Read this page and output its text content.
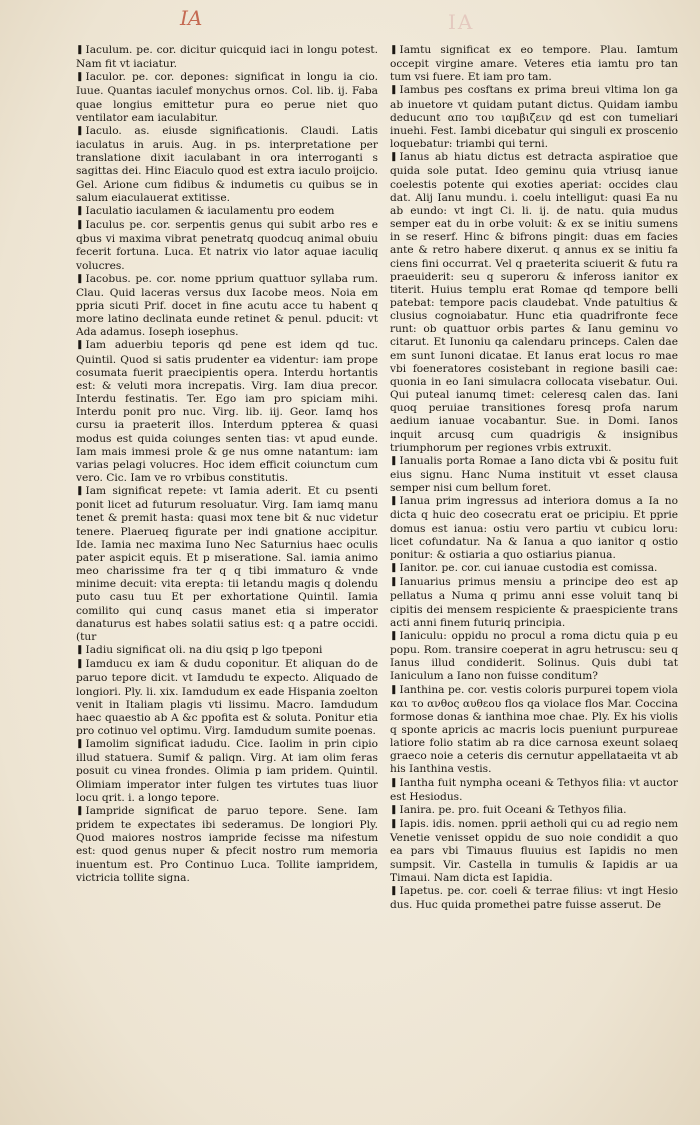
IA	IA

❚ Iaculum. pe. cor. dicitur quicquid iaci in longu potest. Nam fit vt iaciatur.

❚ Iaculor. pe. cor. depones: significat in longu ia cio. Iuue. Quantas iaculef monychus ornos. Col. lib. ij. Faba quae longius emittetur pura eo perue niet quo ventilator eam iaculabitur.

❚ Iaculo. as. eiusde significationis. Claudi. Latis iaculatus in aruis. Aug. in ps. interpretatione per translatione dixit iaculabant in ora interroganti s sagittas dei. Hinc Eiaculo quod est extra iaculo proijcio. Gel. Arione cum fidibus & indumetis cu quibus se in salum eiaculauerat extitisse.

❚ Iaculatio iaculamen & iaculamentu pro eodem

❚ Iaculus pe. cor. serpentis genus qui subit arbo res e qbus vi maxima vibrat penetratq quodcuq animal obuiu fecerit fortuna. Luca. Et natrix vio lator aquae iaculiq volucres.

❚ Iacobus. pe. cor. nome pprium quattuor syllaba rum. Clau. Quid laceras versus dux Iacobe meos. Noia em ppria sicuti Prif. docet in fine acutu acce tu habent q more latino declinata eunde retinet & penul. pducit: vt Ada adamus. Ioseph iosephus.

❚ Iam aduerbiu teporis qd pene est idem qd tuc. Quintil. Quod si satis prudenter ea videntur: iam prope cosumata fuerit praecipientis opera. Interdu hortantis est: & veluti mora increpatis. Virg. Iam diua precor. Interdu festinatis. Ter. Ego iam pro spiciam mihi. Interdu ponit pro nuc. Virg. lib. iij. Geor. Iamq hos cursu ia praeterit illos. Interdum ppterea & quasi modus est quida coiunges senten tias: vt apud eunde. Iam mais immesi prole & ge nus omne natantum: iam varias pelagi volucres. Hoc idem efficit coiunctum cum vero. Cic. Iam ve ro vrbibus constitutis.

❚ Iam significat repete: vt Iamia aderit. Et cu psenti ponit licet ad futurum resoluatur. Virg. Iam iamq manu tenet & premit hasta: quasi mox tene bit & nuc videtur tenere. Plaerueq figurate per indi gnatione accipitur. Ide. Iamia nec maxima Iuno Nec Saturnius haec oculis pater aspicit equis. Et p miseratione. Sal. iamia animo meo charissime fra ter q q tibi immaturo & vnde minime decuit: vita erepta: tii letandu magis q dolendu puto casu tuu Et per exhortatione Quintil. Iamia comilito qui cunq casus manet etia si imperator danaturus est habes solatii satius est: q a patre occidi. (tur

❚ Iadiu significat oli. na diu qsiq p lgo tpeponi

❚ Iamducu ex iam & dudu coponitur. Et aliquan do de paruo tepore dicit. vt Iamdudu te expecto. Aliquado de longiori. Ply. li. xix. Iamdudum ex eade Hispania zoelton venit in Italiam plagis vti lissimu. Macro. Iamdudum haec quaestio ab A &c ppofita est & soluta. Ponitur etia pro cotinuo vel optimu. Virg. Iamdudum sumite poenas.

❚ Iamolim significat iadudu. Cice. Iaolim in prin cipio illud statuera. Sumif & paliqn. Virg. At iam olim feras posuit cu vinea frondes. Olimia p iam pridem. Quintil. Olimiam imperator inter fulgen tes virtutes tuas liuor locu qrit. i. a longo tepore.

❚ Iampride significat de paruo tepore. Sene. Iam pridem te expectates ibi sederamus. De longiori Ply. Quod maiores nostros iampride fecisse ma nifestum est: quod genus nuper & pfecit nostro rum memoria inuentum est. Pro Continuo Luca. Tollite iampridem, victricia tollite signa.

❚ Iamtu significat ex eo tempore. Plau. Iamtum occepit virgine amare. Veteres etia iamtu pro tan tum vsi fuere. Et iam pro tam.

❚ Iambus pes cosftans ex prima breui vltima lon ga ab inuetore vt quidam putant dictus. Quidam iambu deducunt απο του ιαμβιζειν qd est con tumeliari inuehi. Fest. Iambi dicebatur qui singuli ex proscenio loquebatur: triambi qui terni.

❚ Ianus ab hiatu dictus est detracta aspiratioe que quida sole putat. Ideo geminu quia vtriusq ianue coelestis potente qui exoties aperiat: occides clau dat. Alij Ianu mundu. i. coelu intelligut: quasi Ea nu ab eundo: vt ingt Ci. li. ij. de natu. quia mudus semper eat du in orbe voluit: & ex se initiu sumens in se reserf. Hinc & bifrons pingit: duas em facies ante & retro habere dixerut. q annus ex se initiu fa ciens fini occurrat. Vel q praeterita sciuerit & futu ra praeuiderit: seu q superoru & infeross ianitor ex titerit. Huius templu erat Romae qd tempore belli patebat: tempore pacis claudebat. Vnde patultius & clusius cognoiabatur. Hunc etia quadrifronte fece runt: ob quattuor orbis partes & Ianu geminu vo citarut. Et Iunoniu qa calendaru princeps. Calen dae em sunt Iunoni dicatae. Et Ianus erat locus ro mae vbi foeneratores cosistebant in regione basili cae: quonia in eo Iani simulacra collocata visebatur. Oui. Qui puteal ianumq timet: celeresq calen das. Iani quoq peruiae transitiones foresq profa narum aedium ianuae vocabantur. Sue. in Domi. Ianos inquit arcusq cum quadrigis & insignibus triumphorum per regiones vrbis extruxit.

❚ Ianualis porta Romae a Iano dicta vbi & positu fuit eius signu. Hanc Numa instituit vt esset clausa semper nisi cum bellum foret.

❚ Ianua prim ingressus ad interiora domus a Ia no dicta q huic deo cosecratu erat oe pricipiu. Et pprie domus est ianua: ostiu vero partiu vt cubicu loru: licet cofundatur. Na & Ianua a quo ianitor q ostio ponitur: & ostiaria a quo ostiarius pianua.

❚ Ianitor. pe. cor. cui ianuae custodia est comissa.

❚ Ianuarius primus mensiu a principe deo est ap pellatus a Numa q primu anni esse voluit tanq bi cipitis dei mensem respiciente & praespiciente trans acti anni finem futuriq principia.

❚ Ianiculu: oppidu no procul a roma dictu quia p eu popu. Rom. transire coeperat in agru hetruscu: seu q Ianus illud condiderit. Solinus. Quis dubi tat Ianiculum a Iano non fuisse conditum?

❚ Ianthina pe. cor. vestis coloris purpurei topem viola και το ανθος αυθεου flos qa violace flos Mar. Coccina formose donas & ianthina moe chae. Ply. Ex his violis q sponte apricis ac macris locis pueniunt purpureae latiore folio statim ab ra dice carnosa exeunt solaeq graeco noie a ceteris dis cernutur appellataeita vt ab his Ianthina vestis.

❚ Iantha fuit nympha oceani & Tethyos filia: vt auctor est Hesiodus.

❚ Ianira. pe. pro. fuit Oceani & Tethyos filia.

❚ Iapis. idis. nomen. pprii aetholi qui cu ad regio nem Venetie venisset oppidu de suo noie condidit a quo ea pars vbi Timauus fluuius est Iapidis no men sumpsit. Vir. Castella in tumulis & Iapidis ar ua Timaui. Nam dicta est Iapidia.

❚ Iapetus. pe. cor. coeli & terrae filius: vt ingt Hesio dus. Huc quida promethei patre fuisse asserut. De
